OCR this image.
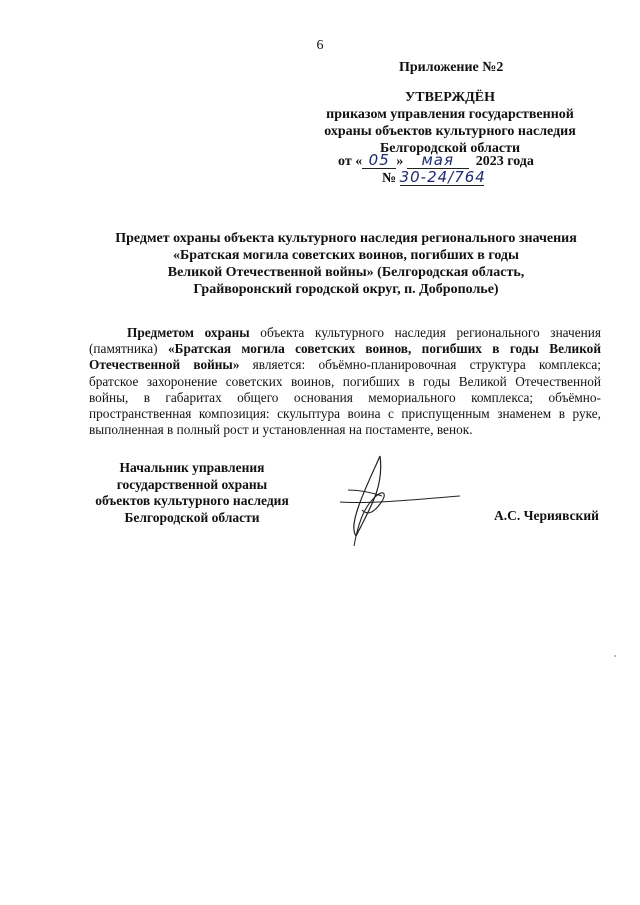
6
Приложение №2
УТВЕРЖДЁН
приказом управления государственной
охраны объектов культурного наследия
Белгородской области
от « 05 » мая 2023 года
№ 30-24/764
Предмет охраны объекта культурного наследия регионального значения
«Братская могила советских воинов, погибших в годы
Великой Отечественной войны» (Белгородская область,
Грайворонский городской округ, п. Доброполье)
Предметом охраны объекта культурного наследия регионального значения (памятника) «Братская могила советских воинов, погибших в годы Великой Отечественной войны» является: объёмно-планировочная структура комплекса; братское захоронение советских воинов, погибших в годы Великой Отечественной войны, в габаритах общего основания мемориального комплекса; объёмно-пространственная композиция: скульптура воина с приспущенным знаменем в руке, выполненная в полный рост и установленная на постаменте, венок.
Начальник управления
государственной охраны
объектов культурного наследия
Белгородской области	А.С. Чериявский
